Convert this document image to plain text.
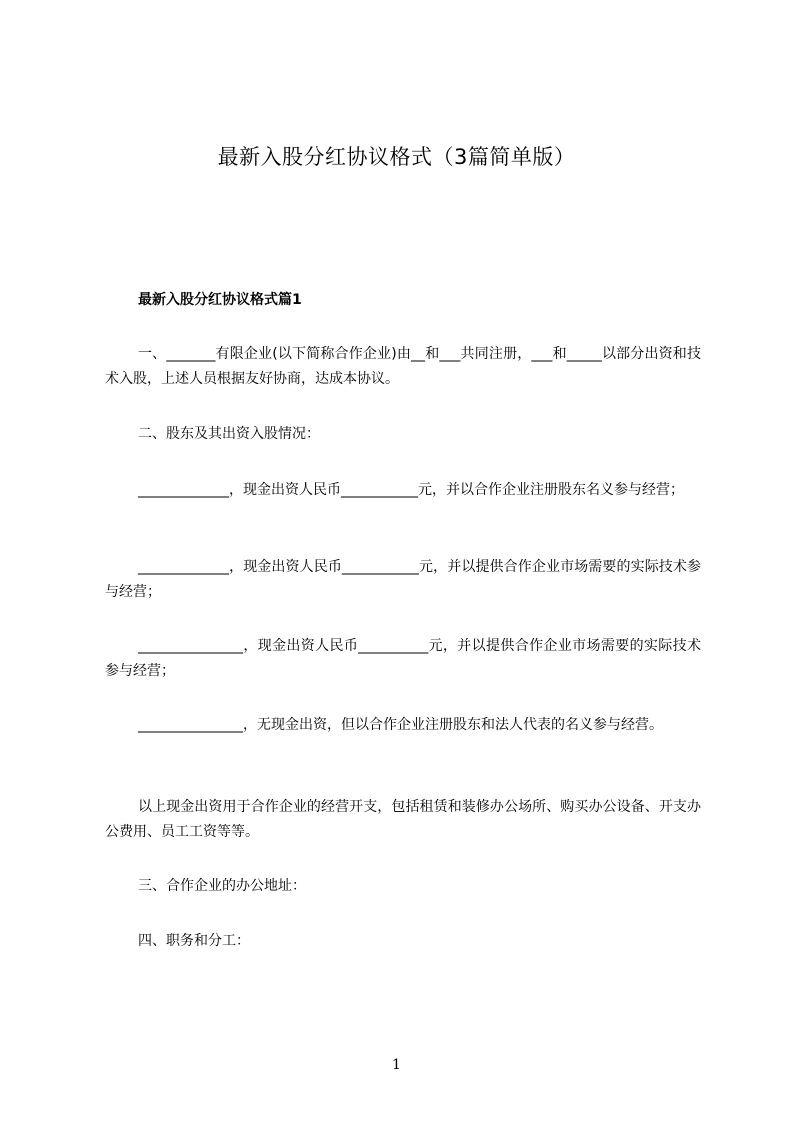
最新入股分红协议格式（3篇简单版）
最新入股分红协议格式篇1

一、_______有限企业(以下简称合作企业)由__和___共同注册，___和_____以部分出资和技术入股，上述人员根据友好协商，达成本协议。

二、股东及其出资入股情况：

_____________，现金出资人民币___________元，并以合作企业注册股东名义参与经营；

_____________，现金出资人民币___________元，并以提供合作企业市场需要的实际技术参与经营；

_______________，现金出资人民币__________元，并以提供合作企业市场需要的实际技术参与经营；

_______________，无现金出资，但以合作企业注册股东和法人代表的名义参与经营。

以上现金出资用于合作企业的经营开支，包括租赁和装修办公场所、购买办公设备、开支办公费用、员工工资等等。

三、合作企业的办公地址：

四、职务和分工：

1
